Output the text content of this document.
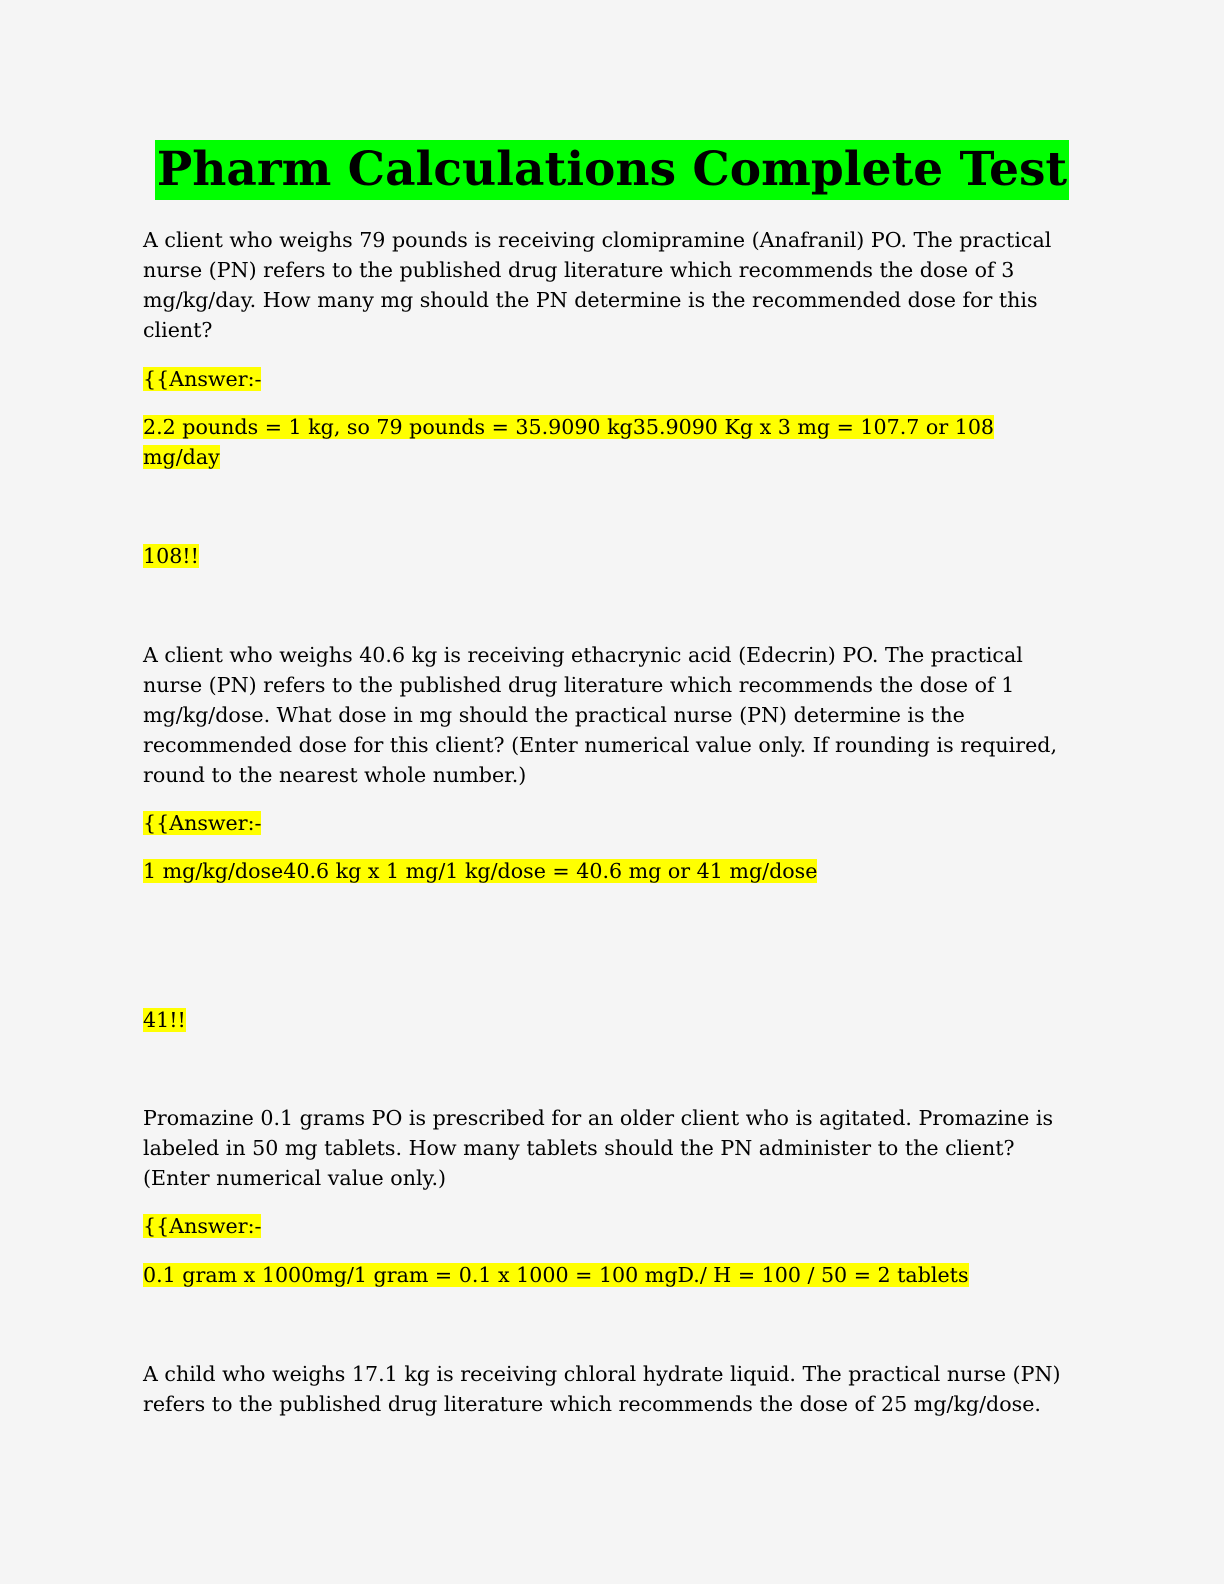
Pharm Calculations Complete Test
A client who weighs 79 pounds is receiving clomipramine (Anafranil) PO. The practical nurse (PN) refers to the published drug literature which recommends the dose of 3 mg/kg/day. How many mg should the PN determine is the recommended dose for this client?
{{Answer:-
2.2 pounds = 1 kg, so 79 pounds = 35.9090 kg35.9090 Kg x 3 mg = 107.7 or 108 mg/day
108!!
A client who weighs 40.6 kg is receiving ethacrynic acid (Edecrin) PO. The practical nurse (PN) refers to the published drug literature which recommends the dose of 1 mg/kg/dose. What dose in mg should the practical nurse (PN) determine is the recommended dose for this client? (Enter numerical value only. If rounding is required, round to the nearest whole number.)
{{Answer:-
1 mg/kg/dose40.6 kg x 1 mg/1 kg/dose = 40.6 mg or 41 mg/dose
41!!
Promazine 0.1 grams PO is prescribed for an older client who is agitated. Promazine is labeled in 50 mg tablets. How many tablets should the PN administer to the client? (Enter numerical value only.)
{{Answer:-
0.1 gram x 1000mg/1 gram = 0.1 x 1000 = 100 mgD./ H = 100 / 50 = 2 tablets
A child who weighs 17.1 kg is receiving chloral hydrate liquid. The practical nurse (PN) refers to the published drug literature which recommends the dose of 25 mg/kg/dose.
